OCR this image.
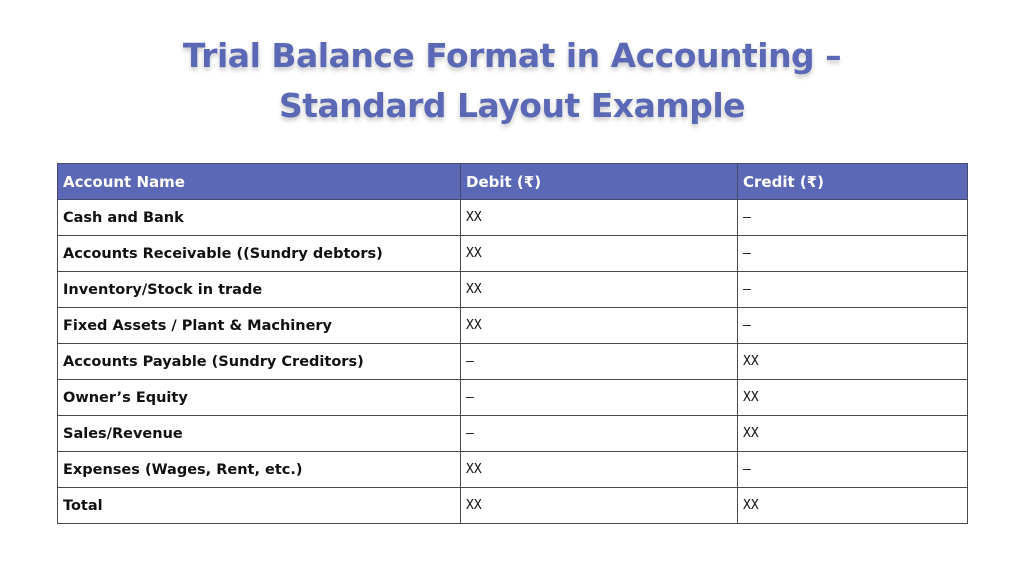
Trial Balance Format in Accounting –
Standard Layout Example
Account Name	Debit (₹)	Credit (₹)
Cash and Bank	XX	—
Accounts Receivable ((Sundry debtors)	XX	—
Inventory/Stock in trade	XX	—
Fixed Assets / Plant & Machinery	XX	—
Accounts Payable (Sundry Creditors)	—	XX
Owner’s Equity	—	XX
Sales/Revenue	—	XX
Expenses (Wages, Rent, etc.)	XX	—
Total	XX	XX
